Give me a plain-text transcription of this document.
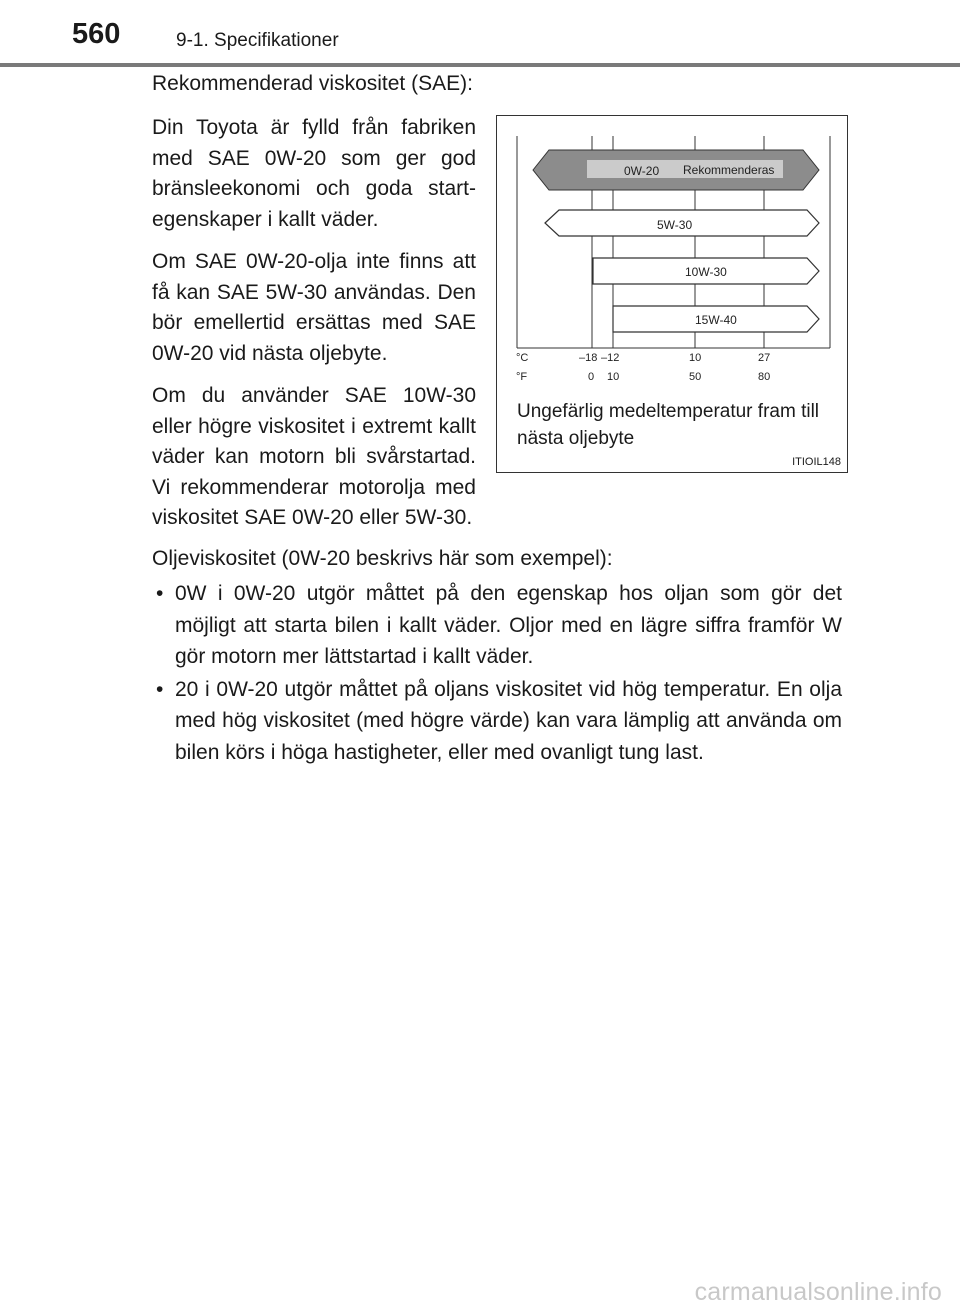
560	9-1. Specifikationer
Rekommenderad viskositet (SAE):

Din Toyota är fylld från fabriken med SAE 0W-20 som ger god bränsleekonomi och goda start-egenskaper i kallt väder.

Om SAE 0W-20-olja inte finns att få kan SAE 5W-30 användas. Den bör emellertid ersättas med SAE 0W-20 vid nästa oljebyte.

Om du använder SAE 10W-30 eller högre viskositet i extremt kallt väder kan motorn bli svårstartad. Vi rekommenderar motorolja med viskositet SAE 0W-20 eller 5W-30.

0W-20 Rekommenderas
5W-30
10W-30
15W-40
°C
°F
–18 –12	10	27
0 10	50	80
Ungefärlig medeltemperatur fram till nästa oljebyte
ITIOIL148
Oljeviskositet (0W-20 beskrivs här som exempel):
• 0W i 0W-20 utgör måttet på den egenskap hos oljan som gör det möjligt att starta bilen i kallt väder. Oljor med en lägre siffra framför W gör motorn mer lättstartad i kallt väder.
• 20 i 0W-20 utgör måttet på oljans viskositet vid hög temperatur. En olja med hög viskositet (med högre värde) kan vara lämplig att använda om bilen körs i höga hastigheter, eller med ovanligt tung last.
carmanualsonline.info
